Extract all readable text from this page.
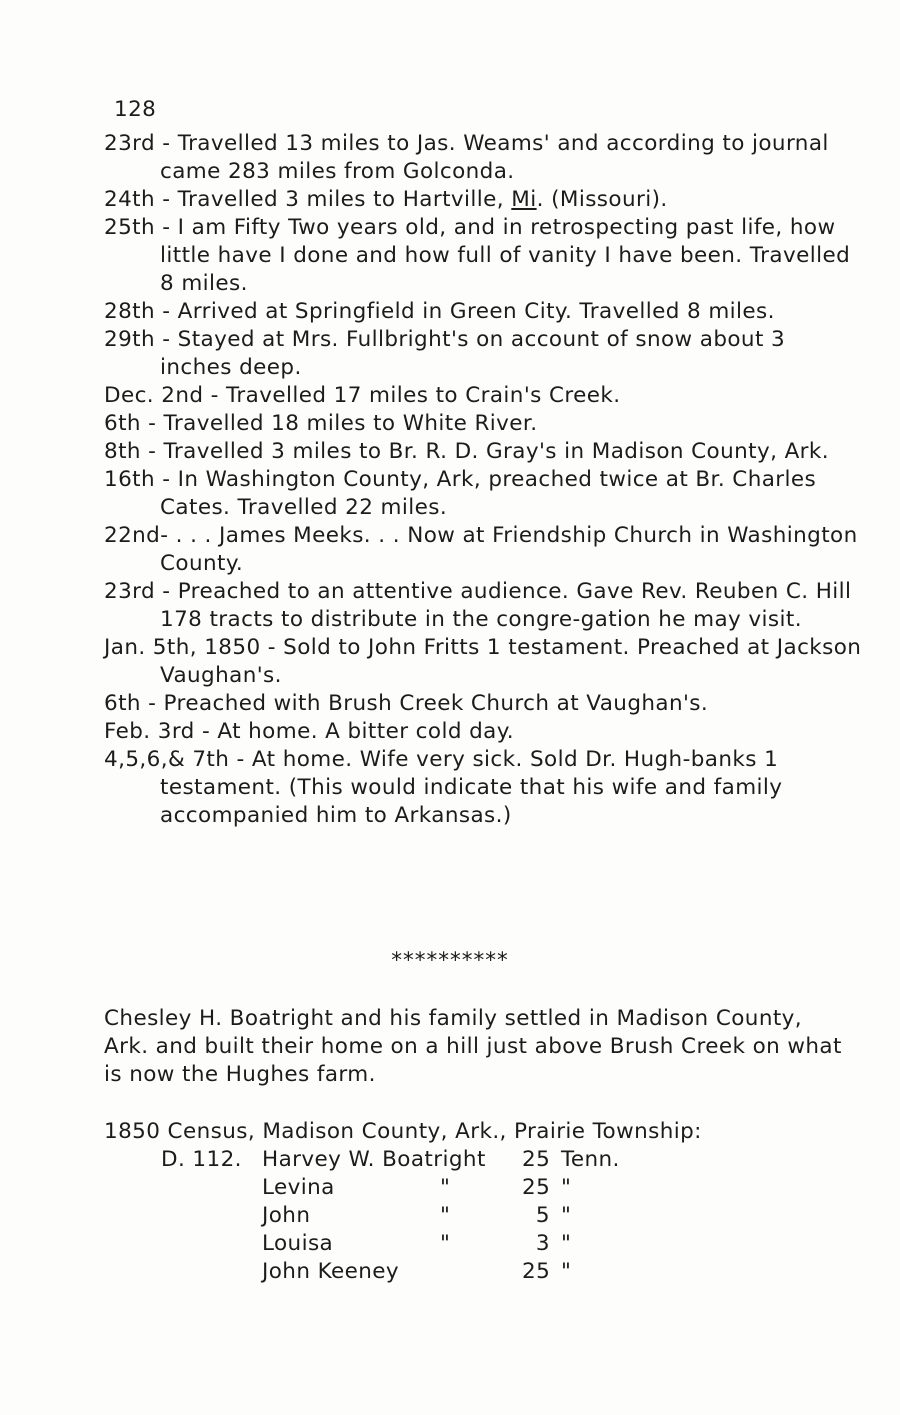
128
23rd - Travelled 13 miles to Jas. Weams' and according to journal came 283 miles from Golconda.
24th - Travelled 3 miles to Hartville, Mi. (Missouri).
25th - I am Fifty Two years old, and in retrospecting past life, how little have I done and how full of vanity I have been. Travelled 8 miles.
28th - Arrived at Springfield in Green City. Travelled 8 miles.
29th - Stayed at Mrs. Fullbright's on account of snow about 3 inches deep.
Dec. 2nd - Travelled 17 miles to Crain's Creek.
6th - Travelled 18 miles to White River.
8th - Travelled 3 miles to Br. R. D. Gray's in Madison County, Ark.
16th - In Washington County, Ark, preached twice at Br. Charles Cates. Travelled 22 miles.
22nd- . . . James Meeks. . . Now at Friendship Church in Washington County.
23rd - Preached to an attentive audience. Gave Rev. Reuben C. Hill 178 tracts to distribute in the congre-gation he may visit.
Jan. 5th, 1850 - Sold to John Fritts 1 testament. Preached at Jackson Vaughan's.
6th - Preached with Brush Creek Church at Vaughan's.
Feb. 3rd - At home. A bitter cold day.
4,5,6,& 7th - At home. Wife very sick. Sold Dr. Hugh-banks 1 testament. (This would indicate that his wife and family accompanied him to Arkansas.)
**********
Chesley H. Boatright and his family settled in Madison County, Ark. and built their home on a hill just above Brush Creek on what is now the Hughes farm.
1850 Census, Madison County, Ark., Prairie Township:
D. 112. Harvey W. Boatright 25 Tenn.
Levina	"	25 "
John	"	5 "
Louisa	"	3 "
John Keeney	25 "
